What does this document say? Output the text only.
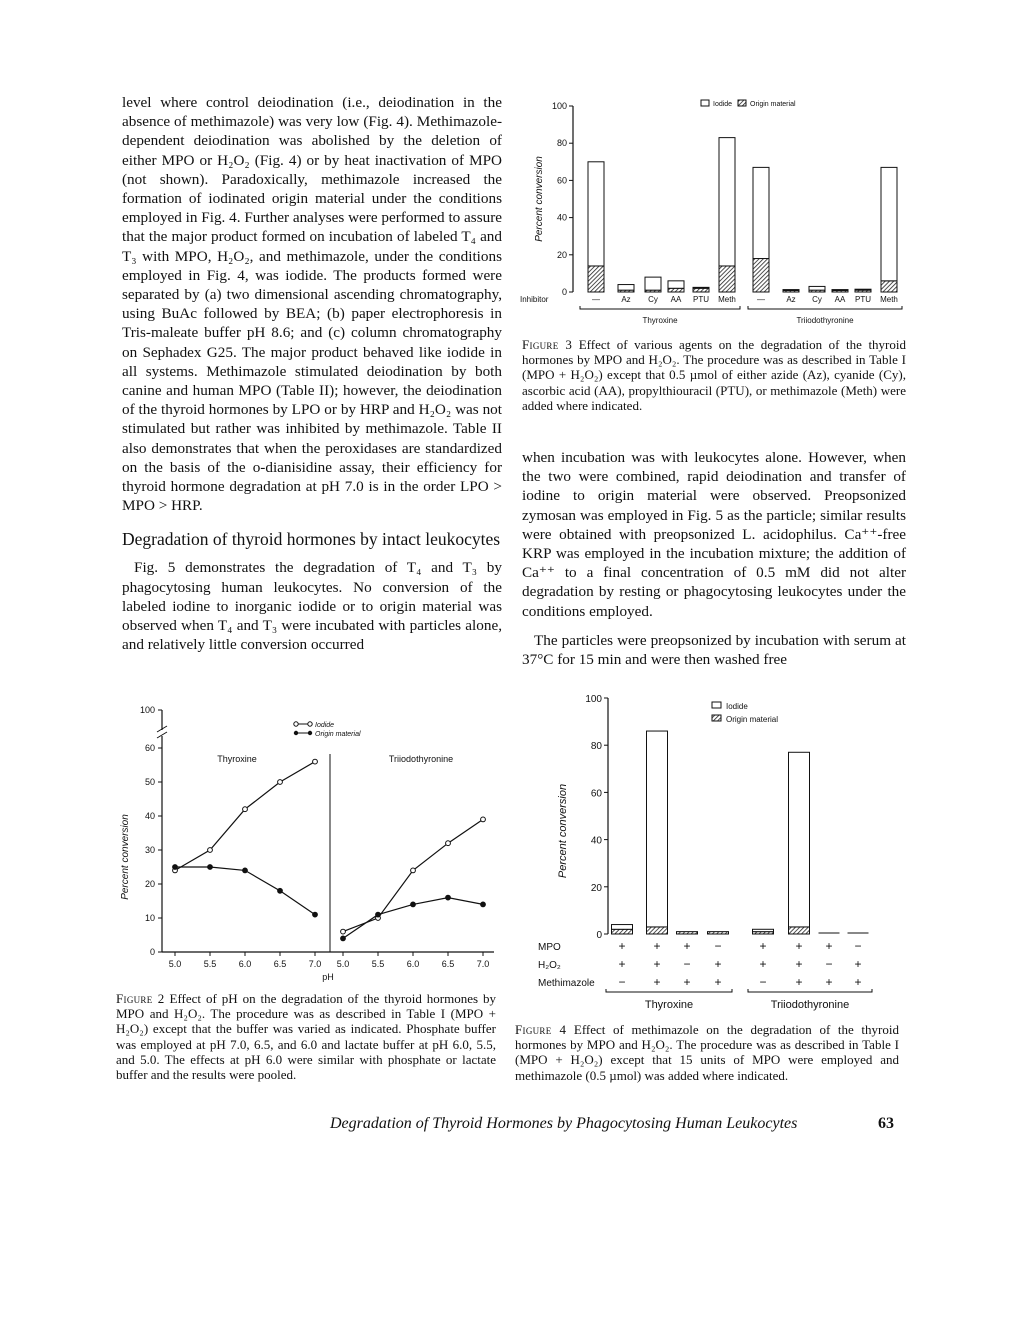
level where control deiodination (i.e., deiodination in the absence of methimazole) was very low (Fig. 4). Methimazole-dependent deiodination was abolished by the deletion of either MPO or H₂O₂ (Fig. 4) or by heat inactivation of MPO (not shown). Paradoxically, methimazole increased the formation of iodinated origin material under the conditions employed in Fig. 4. Further analyses were performed to assure that the major product formed on incubation of labeled T₄ and T₃ with MPO, H₂O₂, and methimazole, under the conditions employed in Fig. 4, was iodide. The products formed were separated by (a) two dimensional ascending chromatography, using BuAc followed by BEA; (b) paper electrophoresis in Tris-maleate buffer pH 8.6; and (c) column chromatography on Sephadex G25. The major product behaved like iodide in all systems. Methimazole stimulated deiodination by both canine and human MPO (Table II); however, the deiodination of the thyroid hormones by LPO or by HRP and H₂O₂ was not stimulated but rather was inhibited by methimazole. Table II also demonstrates that when the peroxidases are standardized on the basis of the o-dianisidine assay, their efficiency for thyroid hormone degradation at pH 7.0 is in the order LPO > MPO > HRP.

Degradation of thyroid hormones by intact leukocytes

Fig. 5 demonstrates the degradation of T₄ and T₃ by phagocytosing human leukocytes. No conversion of the labeled iodine to inorganic iodide or to origin material was observed when T₄ and T₃ were incubated with particles alone, and relatively little conversion occurred

0
20
40
60
80
100
Percent conversion
Iodide	Origin material
—	Az Cy AA PTU Meth	—	Az Cy AA PTU Meth
Inhibitor
Thyroxine	Triiodothyronine
Figure 3 Effect of various agents on the degradation of the thyroid hormones by MPO and H₂O₂. The procedure was as described in Table I (MPO + H₂O₂) except that 0.5 µmol of either azide (Az), cyanide (Cy), ascorbic acid (AA), propylthiouracil (PTU), or methimazole (Meth) were added where indicated.

when incubation was with leukocytes alone. However, when the two were combined, rapid deiodination and transfer of iodine to origin material were observed. Preopsonized zymosan was employed in Fig. 5 as the particle; similar results were obtained with preopsonized L. acidophilus. Ca⁺⁺-free KRP was employed in the incubation mixture; the addition of Ca⁺⁺ to a final concentration of 0.5 mM did not alter degradation by resting or phagocytosing leukocytes under the conditions employed.

The particles were preopsonized by incubation with serum at 37°C for 15 min and were then washed free

0
10
20
30
40
50
60
100
Percent conversion
Iodide
Origin material
Thyroxine
5.0 5.5 6.0 6.5 7.0
Triiodothyronine
5.0 5.5 6.0 6.5 7.0
pH
Figure 2 Effect of pH on the degradation of the thyroid hormones by MPO and H₂O₂. The procedure was as described in Table I (MPO + H₂O₂) except that the buffer was varied as indicated. Phosphate buffer was employed at pH 7.0, 6.5, and 6.0 and lactate buffer at pH 6.0, 5.5, and 5.0. The effects at pH 6.0 were similar with phosphate or lactate buffer and the results were pooled.
0
20
40
60
80
100
Percent conversion
Iodide
Origin material
MPO	+ + + −	+ + + −
H₂O₂	+ + − +	+ + − +
Methimazole − + + +	− + + +
Thyroxine	Triiodothyronine
Figure 4 Effect of methimazole on the degradation of the thyroid hormones by MPO and H₂O₂. The procedure was as described in Table I (MPO + H₂O₂) except that 15 units of MPO were employed and methimazole (0.5 µmol) was added where indicated.
Degradation of Thyroid Hormones by Phagocytosing Human Leukocytes	63
